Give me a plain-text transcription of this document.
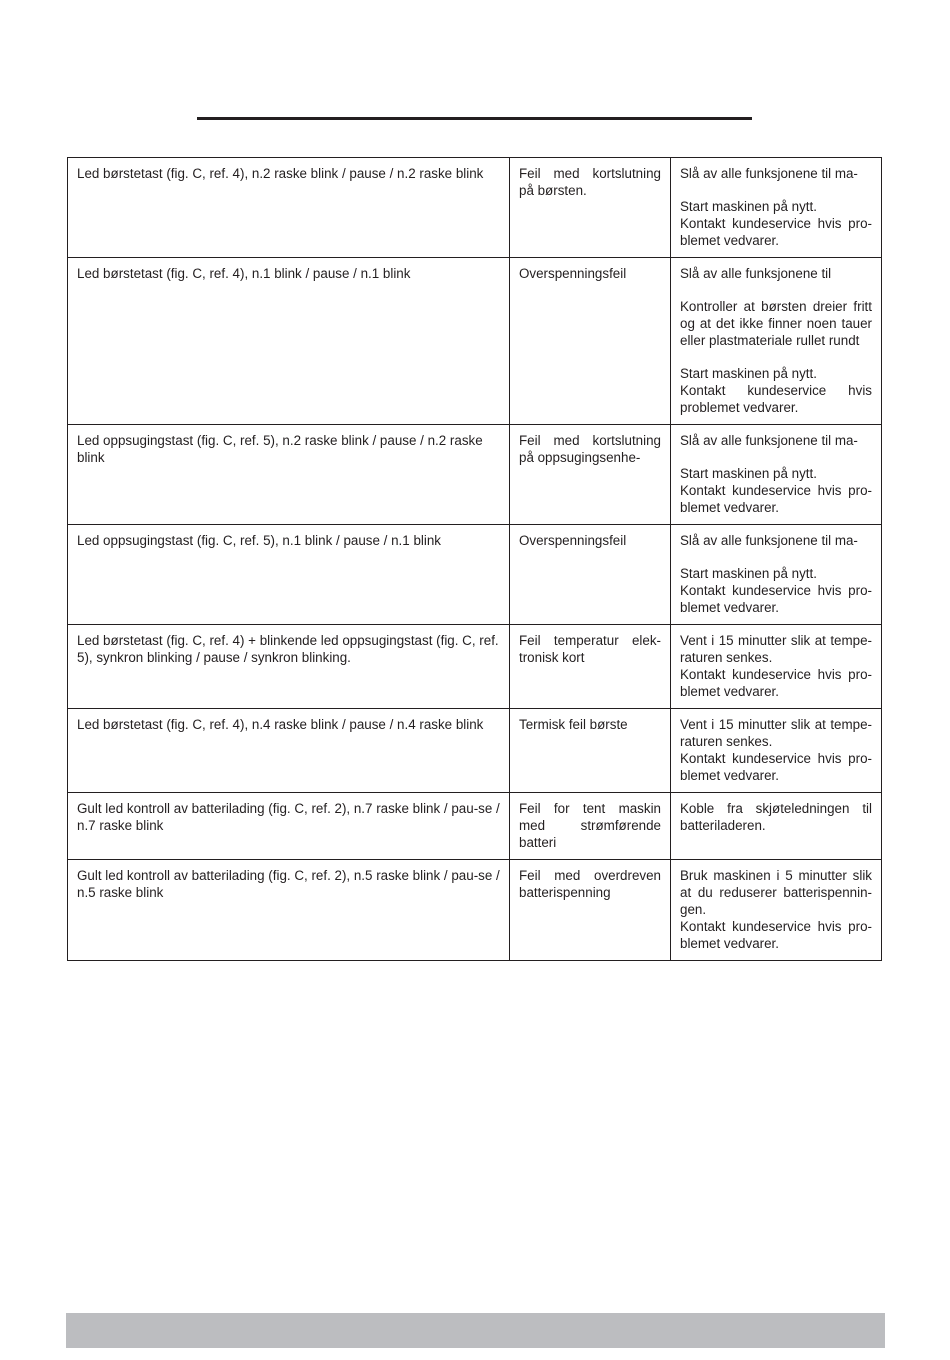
Led børstetast (fig. C, ref. 4), n.2 raske blink / pause / n.2 raske blink	Feil med kortslutning på børsten.	Slå av alle funksjonene til ma-
Start maskinen på nytt.
Kontakt kundeservice hvis pro-blemet vedvarer.

Led børstetast (fig. C, ref. 4), n.1 blink / pause / n.1 blink	Overspenningsfeil	Slå av alle funksjonene til
Kontroller at børsten dreier fritt og at det ikke finner noen tauer eller plastmateriale rullet rundt
Start maskinen på nytt.
Kontakt kundeservice hvis problemet vedvarer.

Led oppsugingstast (fig. C, ref. 5), n.2 raske blink / pause / n.2 raske blink	Feil med kortslutning på oppsugingsenhe-	Slå av alle funksjonene til ma-
Start maskinen på nytt.
Kontakt kundeservice hvis pro-blemet vedvarer.

Led oppsugingstast (fig. C, ref. 5), n.1 blink / pause / n.1 blink	Overspenningsfeil	Slå av alle funksjonene til ma-
Start maskinen på nytt.
Kontakt kundeservice hvis pro-blemet vedvarer.

Led børstetast (fig. C, ref. 4) + blinkende led oppsugingstast (fig. C, ref. 5), synkron blinking / pause / synkron blinking.	Feil temperatur elek-tronisk kort	Vent i 15 minutter slik at tempe-raturen senkes.
Kontakt kundeservice hvis pro-blemet vedvarer.

Led børstetast (fig. C, ref. 4), n.4 raske blink / pause / n.4 raske blink	Termisk feil børste	Vent i 15 minutter slik at tempe-raturen senkes.
Kontakt kundeservice hvis pro-blemet vedvarer.

Gult led kontroll av batterilading (fig. C, ref. 2), n.7 raske blink / pau-se / n.7 raske blink	Feil for tent maskin med strømførende batteri	Koble fra skjøteledningen til batteriladeren.

Gult led kontroll av batterilading (fig. C, ref. 2), n.5 raske blink / pau-se / n.5 raske blink	Feil med overdreven batterispenning	Bruk maskinen i 5 minutter slik at du reduserer batterispennin-gen.
Kontakt kundeservice hvis pro-blemet vedvarer.
